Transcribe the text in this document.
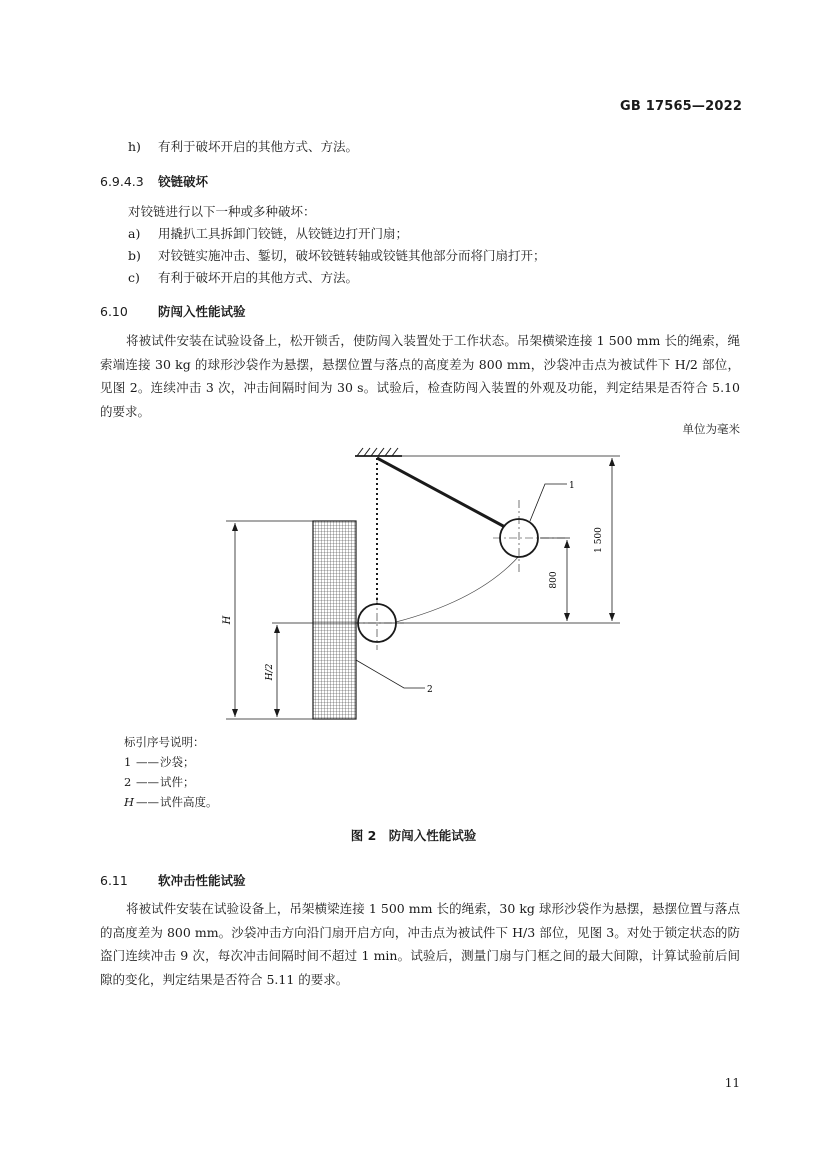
GB 17565—2022
h) 有利于破坏开启的其他方式、方法。
6.9.4.3 铰链破坏
对铰链进行以下一种或多种破坏：
a) 用撬扒工具拆卸门铰链，从铰链边打开门扇；
b) 对铰链实施冲击、錾切，破坏铰链转轴或铰链其他部分而将门扇打开；
c) 有利于破坏开启的其他方式、方法。
6.10 防闯入性能试验
将被试件安装在试验设备上，松开锁舌，使防闯入装置处于工作状态。吊架横梁连接 1 500 mm 长的绳索，绳索端连接 30 kg 的球形沙袋作为悬摆，悬摆位置与落点的高度差为 800 mm，沙袋冲击点为被试件下 H/2 部位，见图 2。连续冲击 3 次，冲击间隔时间为 30 s。试验后，检查防闯入装置的外观及功能，判定结果是否符合 5.10 的要求。
单位为毫米
1 500
800
H
H/2
1
2
标引序号说明：
1 ——沙袋；
2 ——试件；
H ——试件高度。
图 2　防闯入性能试验
6.11 软冲击性能试验
将被试件安装在试验设备上，吊架横梁连接 1 500 mm 长的绳索，30 kg 球形沙袋作为悬摆，悬摆位置与落点的高度差为 800 mm。沙袋冲击方向沿门扇开启方向，冲击点为被试件下 H/3 部位，见图 3。对处于锁定状态的防盗门连续冲击 9 次，每次冲击间隔时间不超过 1 min。试验后，测量门扇与门框之间的最大间隙，计算试验前后间隙的变化，判定结果是否符合 5.11 的要求。
11
